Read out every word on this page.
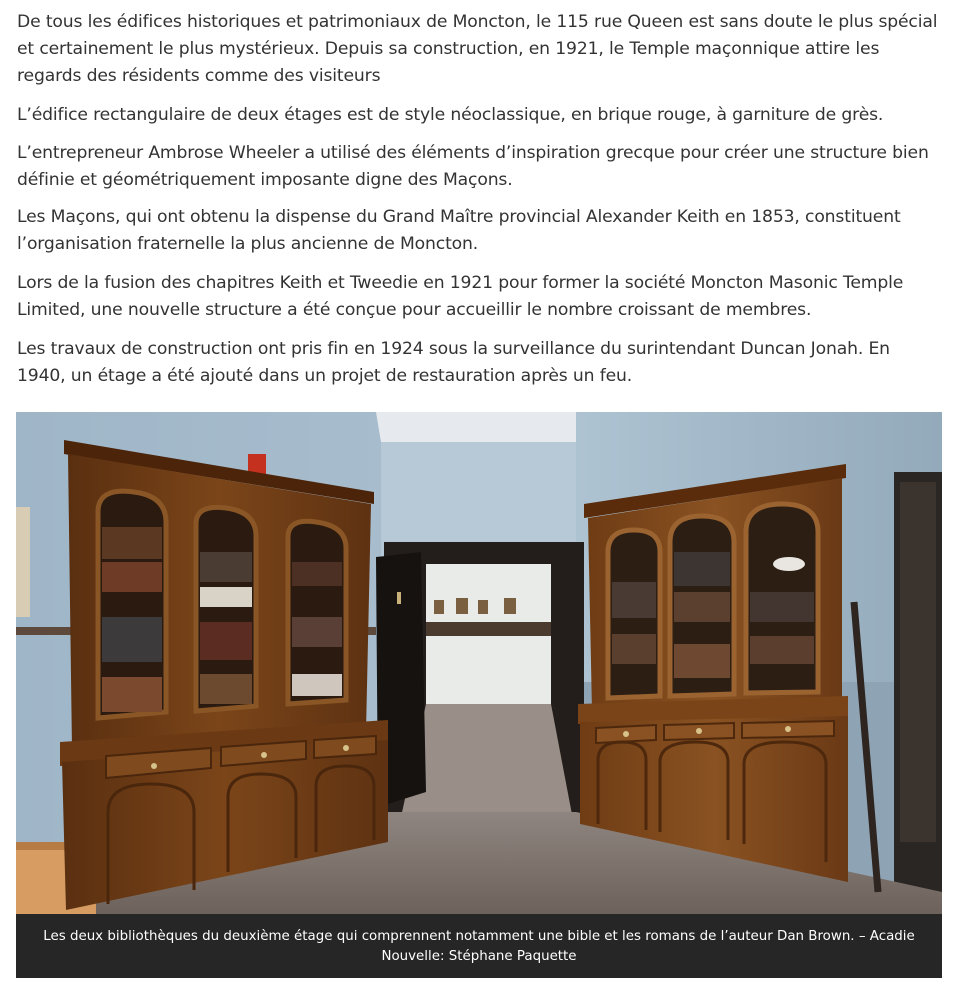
De tous les édifices historiques et patrimoniaux de Moncton, le 115 rue Queen est sans doute le plus spécial et certainement le plus mystérieux. Depuis sa construction, en 1921, le Temple maçonnique attire les regards des résidents comme des visiteurs

L’édifice rectangulaire de deux étages est de style néoclassique, en brique rouge, à garniture de grès.

L’entrepreneur Ambrose Wheeler a utilisé des éléments d’inspiration grecque pour créer une structure bien définie et géométriquement imposante digne des Maçons.

Les Maçons, qui ont obtenu la dispense du Grand Maître provincial Alexander Keith en 1853, constituent l’organisation fraternelle la plus ancienne de Moncton.

Lors de la fusion des chapitres Keith et Tweedie en 1921 pour former la société Moncton Masonic Temple Limited, une nouvelle structure a été conçue pour accueillir le nombre croissant de membres.

Les travaux de construction ont pris fin en 1924 sous la surveillance du surintendant Duncan Jonah. En 1940, un étage a été ajouté dans un projet de restauration après un feu.

Les deux bibliothèques du deuxième étage qui comprennent notamment une bible et les romans de l’auteur Dan Brown. – Acadie Nouvelle: Stéphane Paquette
